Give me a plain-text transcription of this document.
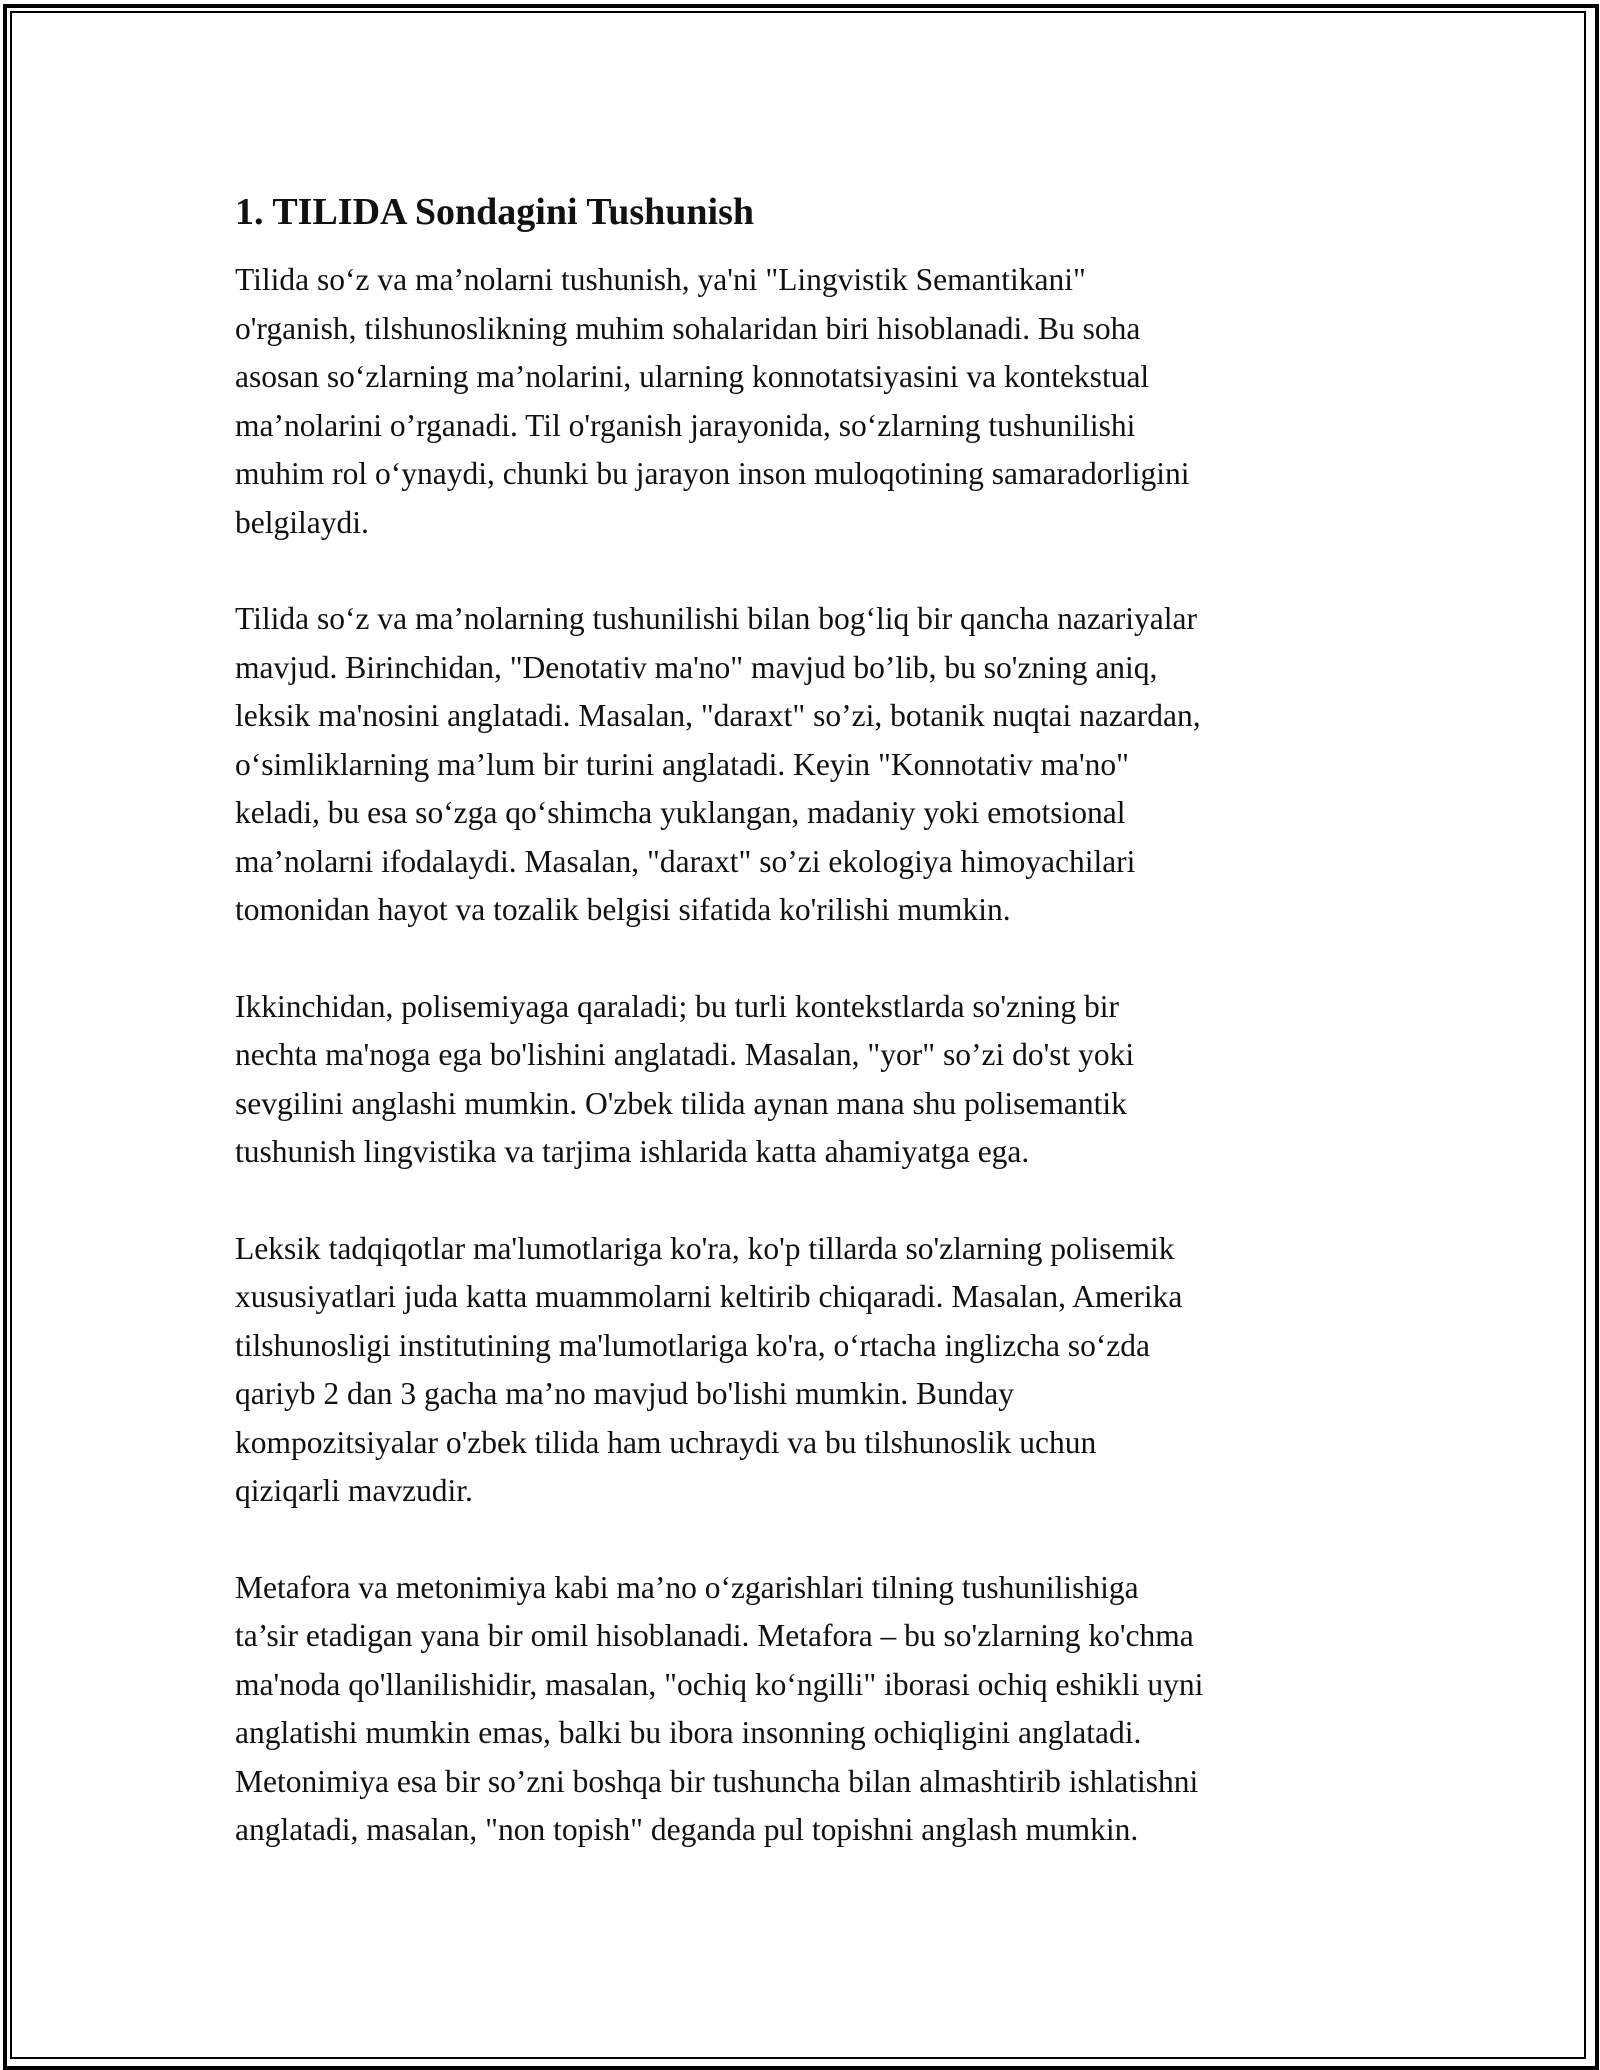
1. TILIDA Sondagini Tushunish

Tilida so‘z va ma’nolarni tushunish, ya'ni "Lingvistik Semantikani"
o'rganish, tilshunoslikning muhim sohalaridan biri hisoblanadi. Bu soha
asosan so‘zlarning ma’nolarini, ularning konnotatsiyasini va kontekstual
ma’nolarini o’rganadi. Til o'rganish jarayonida, so‘zlarning tushunilishi
muhim rol o‘ynaydi, chunki bu jarayon inson muloqotining samaradorligini
belgilaydi.

Tilida so‘z va ma’nolarning tushunilishi bilan bog‘liq bir qancha nazariyalar
mavjud. Birinchidan, "Denotativ ma'no" mavjud bo’lib, bu so'zning aniq,
leksik ma'nosini anglatadi. Masalan, "daraxt" so’zi, botanik nuqtai nazardan,
o‘simliklarning ma’lum bir turini anglatadi. Keyin "Konnotativ ma'no"
keladi, bu esa so‘zga qo‘shimcha yuklangan, madaniy yoki emotsional
ma’nolarni ifodalaydi. Masalan, "daraxt" so’zi ekologiya himoyachilari
tomonidan hayot va tozalik belgisi sifatida ko'rilishi mumkin.

Ikkinchidan, polisemiyaga qaraladi; bu turli kontekstlarda so'zning bir
nechta ma'noga ega bo'lishini anglatadi. Masalan, "yor" so’zi do'st yoki
sevgilini anglashi mumkin. O'zbek tilida aynan mana shu polisemantik
tushunish lingvistika va tarjima ishlarida katta ahamiyatga ega.

Leksik tadqiqotlar ma'lumotlariga ko'ra, ko'p tillarda so'zlarning polisemik
xususiyatlari juda katta muammolarni keltirib chiqaradi. Masalan, Amerika
tilshunosligi institutining ma'lumotlariga ko'ra, o‘rtacha inglizcha so‘zda
qariyb 2 dan 3 gacha ma’no mavjud bo'lishi mumkin. Bunday
kompozitsiyalar o'zbek tilida ham uchraydi va bu tilshunoslik uchun
qiziqarli mavzudir.

Metafora va metonimiya kabi ma’no o‘zgarishlari tilning tushunilishiga
ta’sir etadigan yana bir omil hisoblanadi. Metafora – bu so'zlarning ko'chma
ma'noda qo'llanilishidir, masalan, "ochiq ko‘ngilli" iborasi ochiq eshikli uyni
anglatishi mumkin emas, balki bu ibora insonning ochiqligini anglatadi.
Metonimiya esa bir so’zni boshqa bir tushuncha bilan almashtirib ishlatishni
anglatadi, masalan, "non topish" deganda pul topishni anglash mumkin.
